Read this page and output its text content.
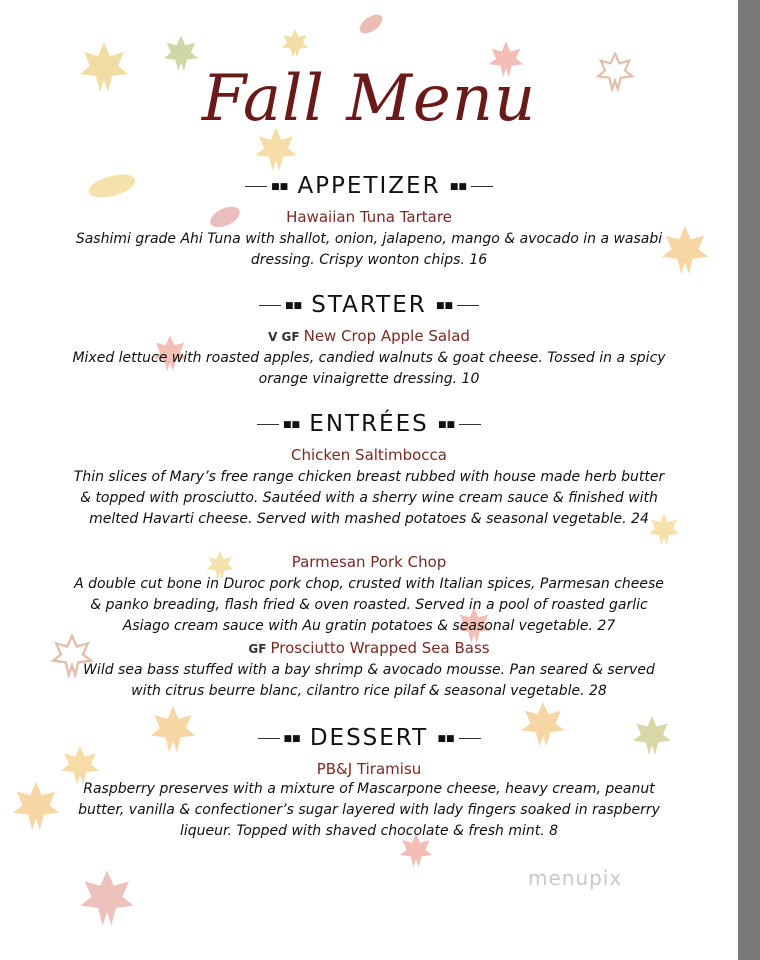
Fall Menu
■■ APPETIZER ■■
Hawaiian Tuna Tartare
Sashimi grade Ahi Tuna with shallot, onion, jalapeno, mango & avocado in a wasabi dressing. Crispy wonton chips. 16
■■ STARTER ■■
V GF New Crop Apple Salad
Mixed lettuce with roasted apples, candied walnuts & goat cheese. Tossed in a spicy orange vinaigrette dressing. 10
■■ ENTRÉES ■■
Chicken Saltimbocca
Thin slices of Mary’s free range chicken breast rubbed with house made herb butter & topped with prosciutto. Sautéed with a sherry wine cream sauce & finished with melted Havarti cheese. Served with mashed potatoes & seasonal vegetable. 24
Parmesan Pork Chop
A double cut bone in Duroc pork chop, crusted with Italian spices, Parmesan cheese & panko breading, flash fried & oven roasted. Served in a pool of roasted garlic Asiago cream sauce with Au gratin potatoes & seasonal vegetable. 27
GF Prosciutto Wrapped Sea Bass
Wild sea bass stuffed with a bay shrimp & avocado mousse. Pan seared & served with citrus beurre blanc, cilantro rice pilaf & seasonal vegetable. 28
■■ DESSERT ■■
PB&J Tiramisu
Raspberry preserves with a mixture of Mascarpone cheese, heavy cream, peanut butter, vanilla & confectioner’s sugar layered with lady fingers soaked in raspberry liqueur. Topped with shaved chocolate & fresh mint. 8
menupix
